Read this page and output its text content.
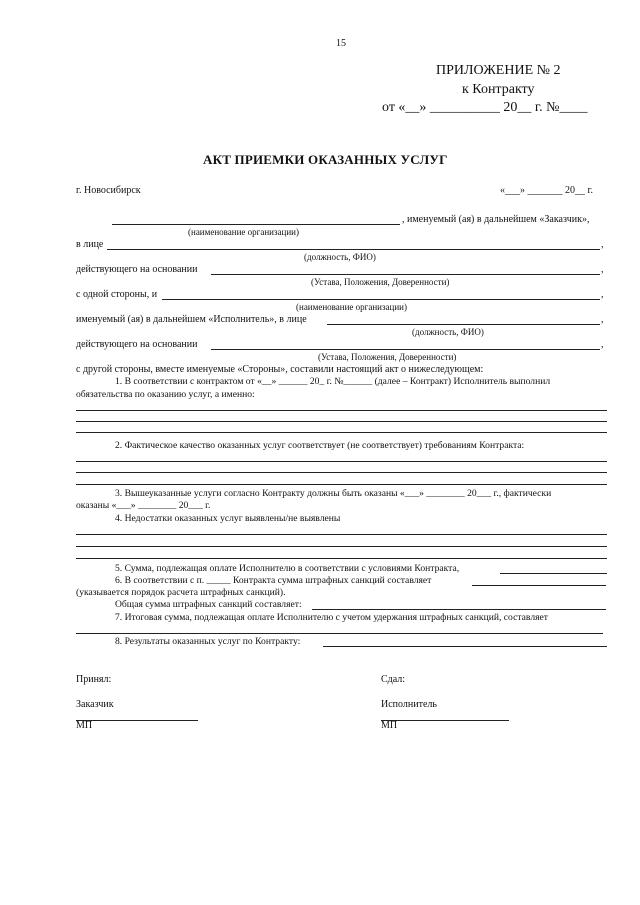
15
ПРИЛОЖЕНИЕ № 2
к Контракту
от «__» __________ 20__ г. №____
АКТ ПРИЕМКИ ОКАЗАННЫХ УСЛУГ
г. Новосибирск	«___» _______ 20__ г.
, именуемый (ая) в дальнейшем «Заказчик»,
(наименование организации)
в лице	,
(должность, ФИО)
действующего на основании	,
(Устава, Положения, Доверенности)
с одной стороны, и	,
(наименование организации)
именуемый (ая) в дальнейшем «Исполнитель», в лице	,
(должность, ФИО)
действующего на основании	,
(Устава, Положения, Доверенности)
с другой стороны, вместе именуемые «Стороны», составили настоящий акт о нижеследующем:
1. В соответствии с контрактом от «__» ______ 20_ г. №______ (далее – Контракт) Исполнитель выполнил
обязательства по оказанию услуг, а именно:
2. Фактическое качество оказанных услуг соответствует (не соответствует) требованиям Контракта:
3. Вышеуказанные услуги согласно Контракту должны быть оказаны «___» ________ 20___ г., фактически
оказаны «___» ________ 20___ г.
4. Недостатки оказанных услуг выявлены/не выявлены
5. Сумма, подлежащая оплате Исполнителю в соответствии с условиями Контракта,
6. В соответствии с п. _____ Контракта сумма штрафных санкций составляет
(указывается порядок расчета штрафных санкций).
Общая сумма штрафных санкций составляет:
7. Итоговая сумма, подлежащая оплате Исполнителю с учетом удержания штрафных санкций, составляет
8. Результаты оказанных услуг по Контракту:
Принял:	Сдал:
Заказчик	Исполнитель
МП	МП
